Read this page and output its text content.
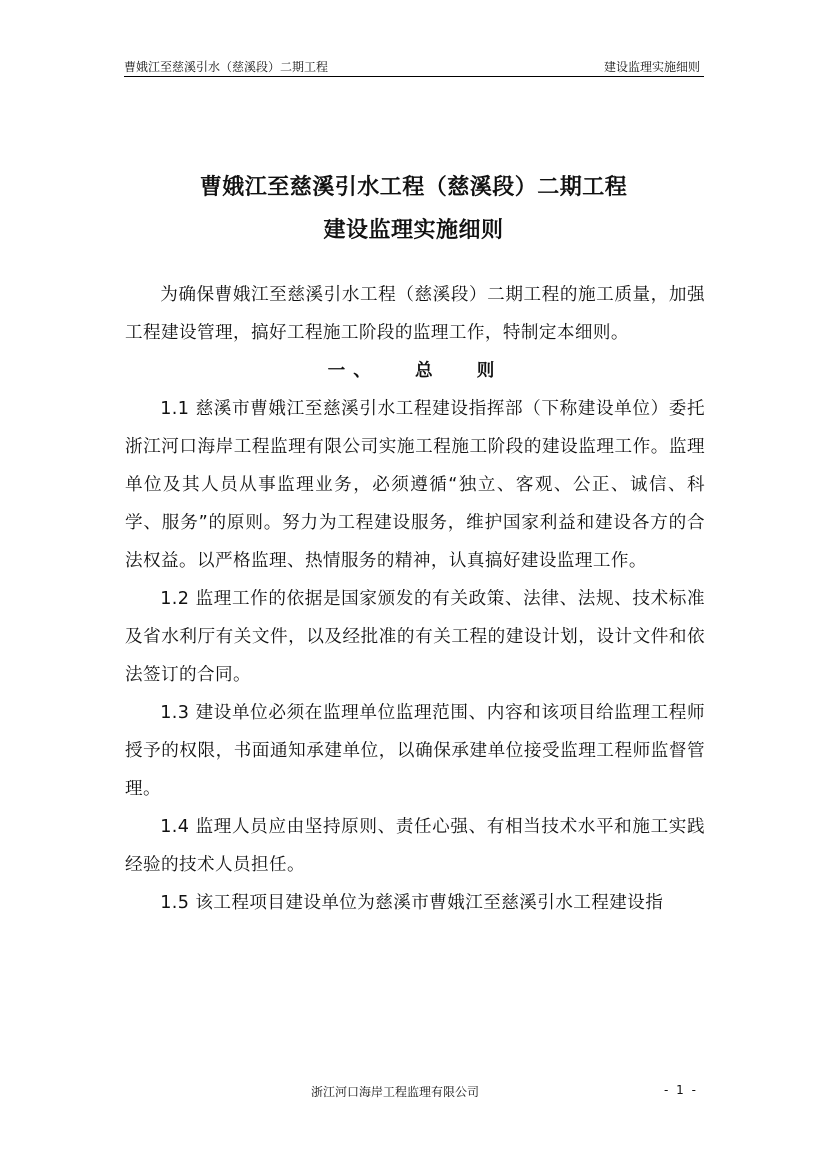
曹娥江至慈溪引水（慈溪段）二期工程	建设监理实施细则
曹娥江至慈溪引水工程（慈溪段）二期工程
建设监理实施细则

为确保曹娥江至慈溪引水工程（慈溪段）二期工程的施工质量，加强工程建设管理，搞好工程施工阶段的监理工作，特制定本细则。

一、 总 则

1.1 慈溪市曹娥江至慈溪引水工程建设指挥部（下称建设单位）委托浙江河口海岸工程监理有限公司实施工程施工阶段的建设监理工作。监理单位及其人员从事监理业务，必须遵循“独立、客观、公正、诚信、科学、服务”的原则。努力为工程建设服务，维护国家利益和建设各方的合法权益。以严格监理、热情服务的精神，认真搞好建设监理工作。

1.2 监理工作的依据是国家颁发的有关政策、法律、法规、技术标准及省水利厅有关文件，以及经批准的有关工程的建设计划，设计文件和依法签订的合同。

1.3 建设单位必须在监理单位监理范围、内容和该项目给监理工程师授予的权限，书面通知承建单位，以确保承建单位接受监理工程师监督管理。

1.4 监理人员应由坚持原则、责任心强、有相当技术水平和施工实践经验的技术人员担任。

1.5 该工程项目建设单位为慈溪市曹娥江至慈溪引水工程建设指

浙江河口海岸工程监理有限公司	- 1 -
